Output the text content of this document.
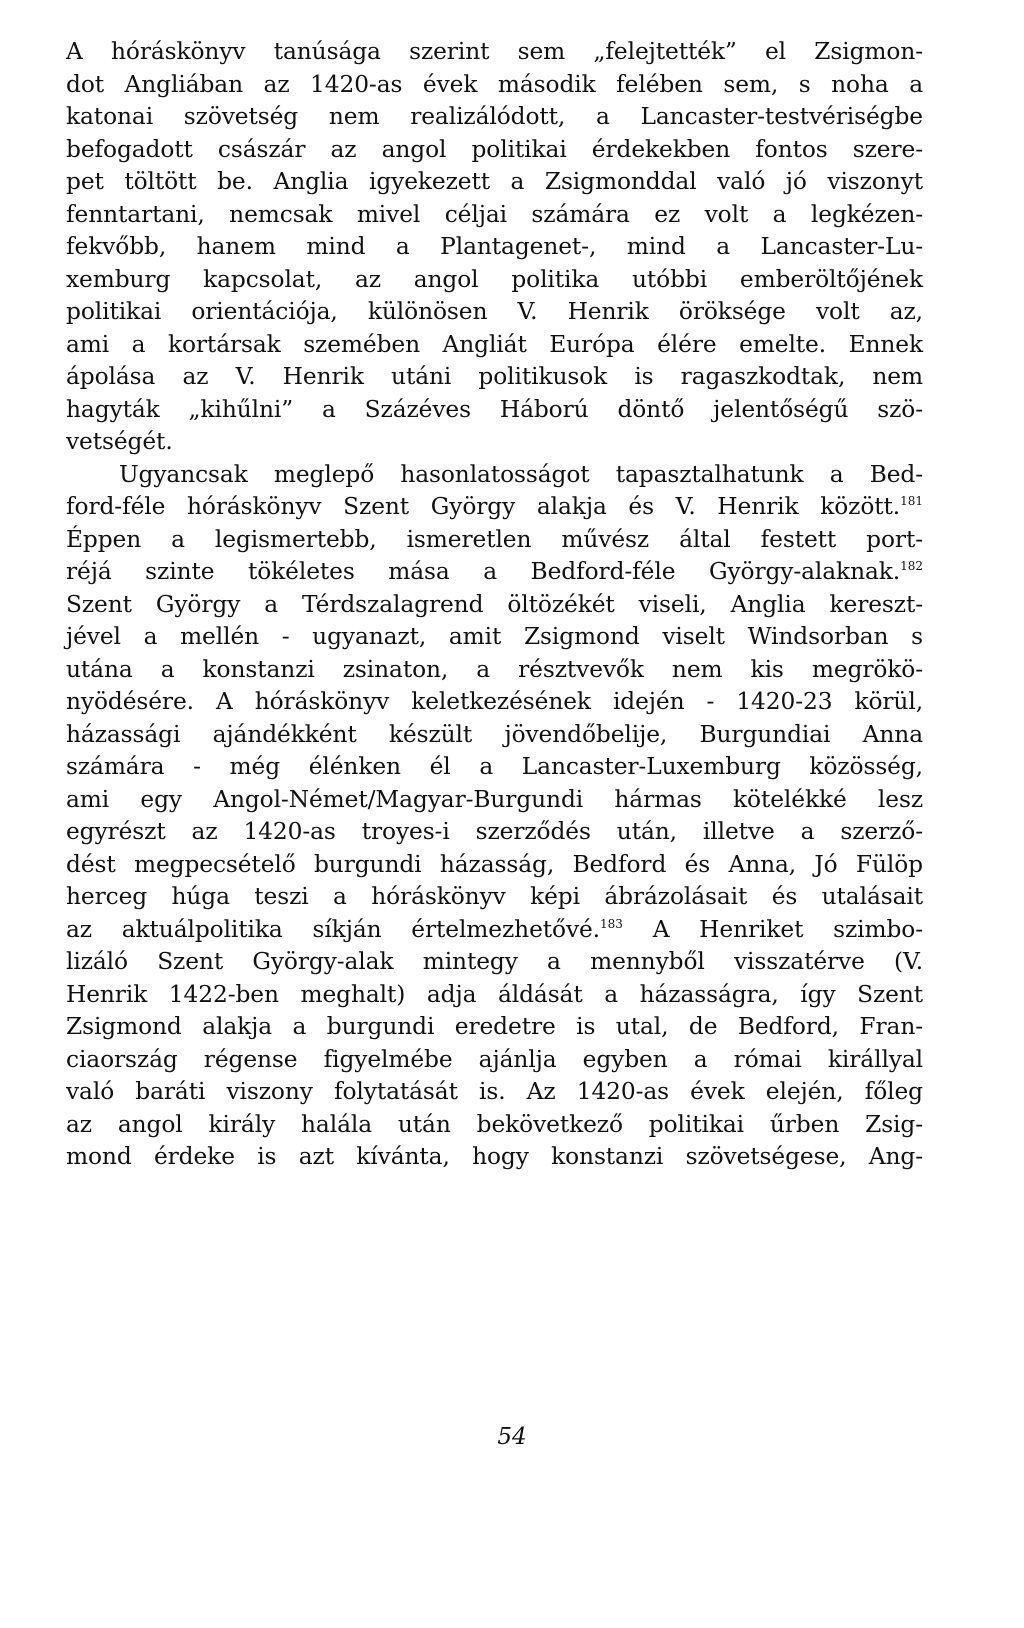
A hóráskönyv tanúsága szerint sem „felejtették” el Zsigmon-
dot Angliában az 1420-as évek második felében sem, s noha a
katonai szövetség nem realizálódott, a Lancaster-testvériségbe
befogadott császár az angol politikai érdekekben fontos szere-
pet töltött be. Anglia igyekezett a Zsigmonddal való jó viszonyt
fenntartani, nemcsak mivel céljai számára ez volt a legkézen-
fekvőbb, hanem mind a Plantagenet-, mind a Lancaster-Lu-
xemburg kapcsolat, az angol politika utóbbi emberöltőjének
politikai orientációja, különösen V. Henrik öröksége volt az,
ami a kortársak szemében Angliát Európa élére emelte. Ennek
ápolása az V. Henrik utáni politikusok is ragaszkodtak, nem
hagyták „kihűlni” a Százéves Háború döntő jelentőségű szö-
vetségét.
Ugyancsak meglepő hasonlatosságot tapasztalhatunk a Bed-
ford-féle hóráskönyv Szent György alakja és V. Henrik között.$^{181}$
Éppen a legismertebb, ismeretlen művész által festett port-
réjá szinte tökéletes mása a Bedford-féle György-alaknak.$^{182}$
Szent György a Térdszalagrend öltözékét viseli, Anglia kereszt-
jével a mellén - ugyanazt, amit Zsigmond viselt Windsorban s
utána a konstanzi zsinaton, a résztvevők nem kis megrökö-
nyödésére. A hóráskönyv keletkezésének idején - 1420-23 körül,
házassági ajándékként készült jövendőbelije, Burgundiai Anna
számára - még élénken él a Lancaster-Luxemburg közösség,
ami egy Angol-Német/Magyar-Burgundi hármas kötelékké lesz
egyrészt az 1420-as troyes-i szerződés után, illetve a szerző-
dést megpecsételő burgundi házasság, Bedford és Anna, Jó Fülöp
herceg húga teszi a hóráskönyv képi ábrázolásait és utalásait
az aktuálpolitika síkján értelmezhetővé.$^{183}$ A Henriket szimbo-
lizáló Szent György-alak mintegy a mennyből visszatérve (V.
Henrik 1422-ben meghalt) adja áldását a házasságra, így Szent
Zsigmond alakja a burgundi eredetre is utal, de Bedford, Fran-
ciaország régense figyelmébe ajánlja egyben a római királlyal
való baráti viszony folytatását is. Az 1420-as évek elején, főleg
az angol király halála után bekövetkező politikai űrben Zsig-
mond érdeke is azt kívánta, hogy konstanzi szövetségese, Ang-
54
